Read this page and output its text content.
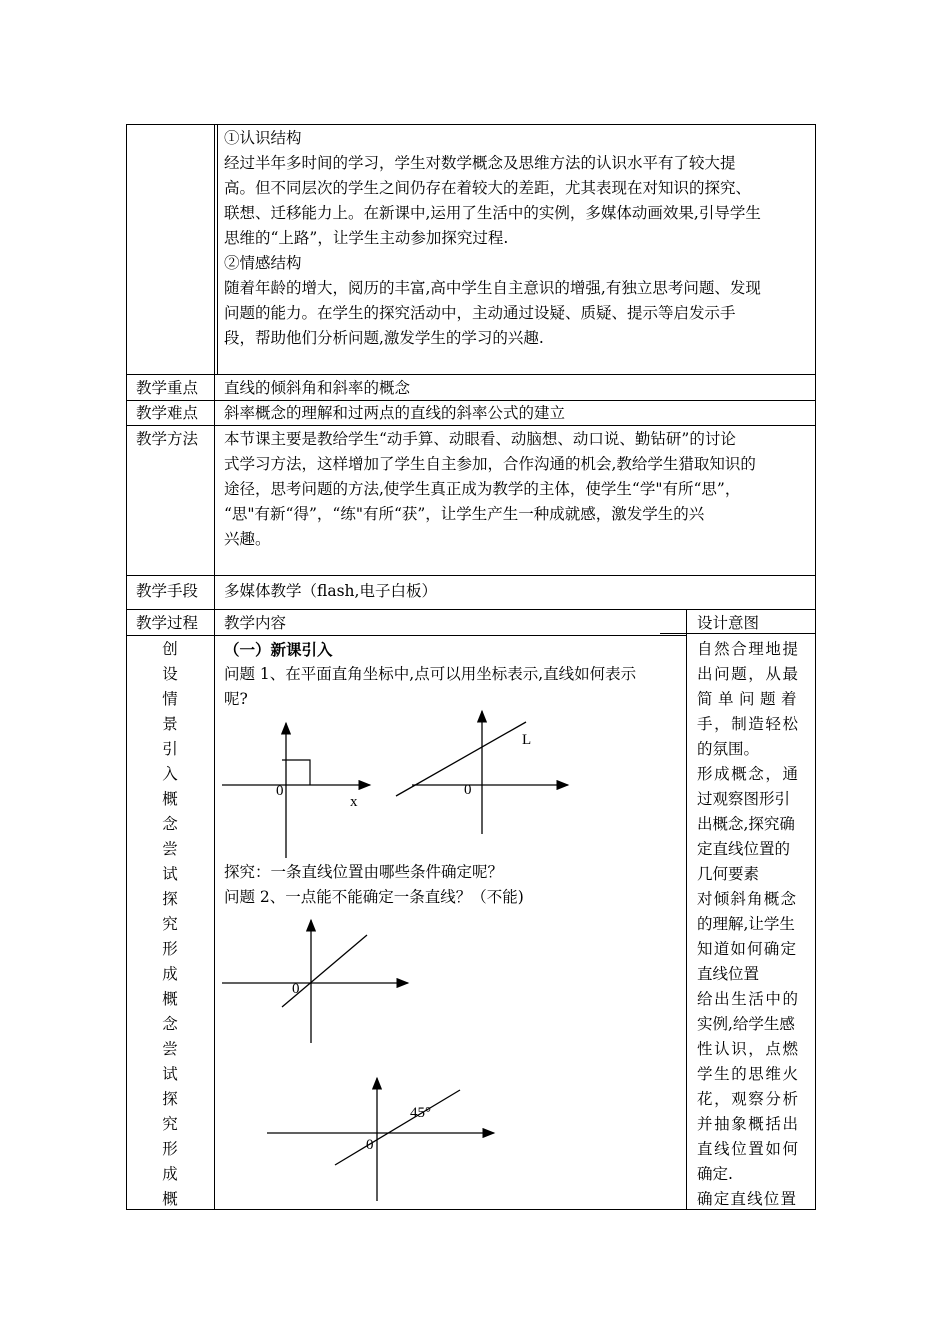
①认识结构
经过半年多时间的学习，学生对数学概念及思维方法的认识水平有了较大提
高。但不同层次的学生之间仍存在着较大的差距，尤其表现在对知识的探究、
联想、迁移能力上。在新课中,运用了生活中的实例，多媒体动画效果,引导学生
思维的“上路”，让学生主动参加探究过程.
②情感结构
随着年龄的增大，阅历的丰富,高中学生自主意识的增强,有独立思考问题、发现
问题的能力。在学生的探究活动中，主动通过设疑、质疑、提示等启发示手
段，帮助他们分析问题,激发学生的学习的兴趣.
教学重点 直线的倾斜角和斜率的概念
教学难点 斜率概念的理解和过两点的直线的斜率公式的建立
教学方法 本节课主要是教给学生“动手算、动眼看、动脑想、动口说、勤钻研”的讨论
式学习方法，这样增加了学生自主参加，合作沟通的机会,教给学生猎取知识的
途径，思考问题的方法,使学生真正成为教学的主体，使学生“学"有所“思”，
“思"有新“得”，“练"有所“获”，让学生产生一种成就感，激发学生的兴
兴趣。
教学手段 多媒体教学（flash,电子白板）
教学过程 教学内容	设计意图
创
设
情
景
引
入
概
念
尝
试
探
究
形
成
概
念
尝
试
探
究
形
成
概
（一）新课引入
问题 1、在平面直角坐标中,点可以用坐标表示,直线如何表示
呢?
探究：一条直线位置由哪些条件确定呢？
问题 2、一点能不能确定一条直线？（不能)
0
x
0
L
0
0
45°
自然合理地提
出问题，从最
简单问题着
手，制造轻松
的氛围。
形成概念，通
过观察图形引
出概念,探究确
定直线位置的
几何要素
对倾斜角概念
的理解,让学生
知道如何确定
直线位置
给出生活中的
实例,给学生感
性认识，点燃
学生的思维火
花，观察分析
并抽象概括出
直线位置如何
确定.
确定直线位置
